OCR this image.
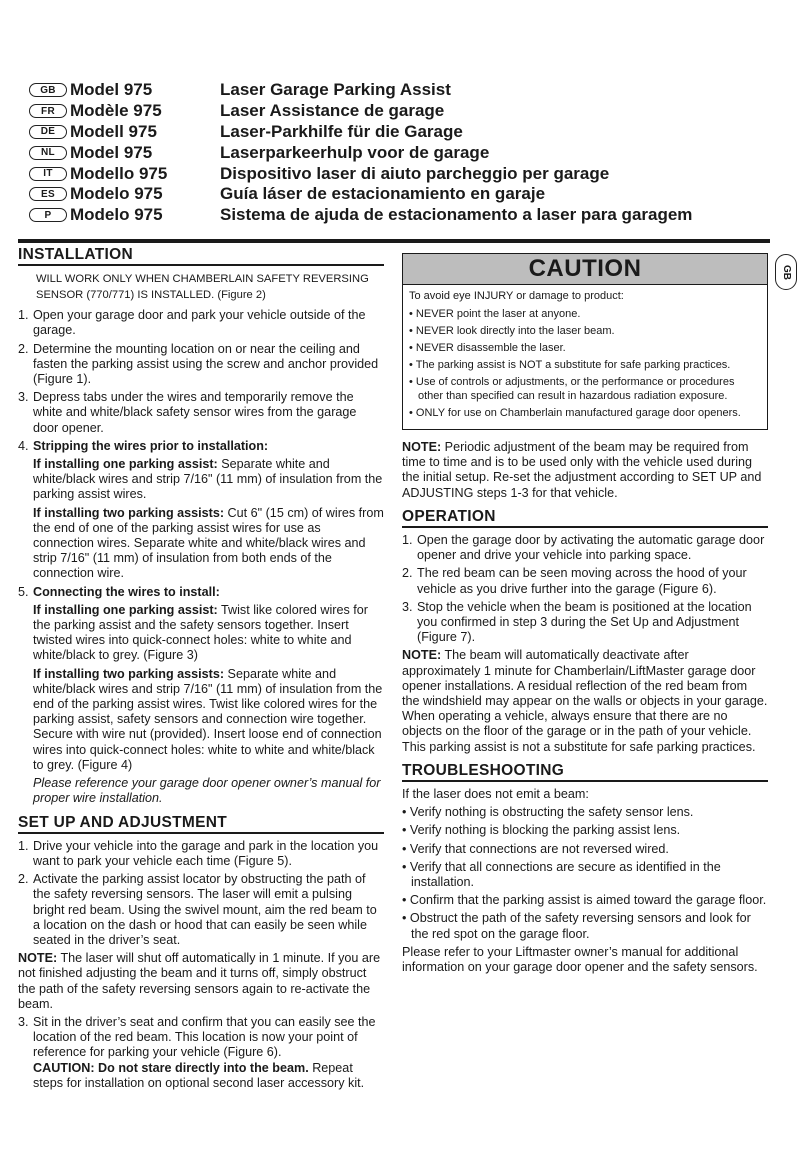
GB Model 975	Laser Garage Parking Assist
FR Modèle 975	Laser Assistance de garage
DE Modell 975	Laser-Parkhilfe für die Garage
NL Model 975	Laserparkeerhulp voor de garage
IT	Modello 975	Dispositivo laser di aiuto parcheggio per garage
ES Modelo 975	Guía láser de estacionamiento en garaje
P	Modelo 975	Sistema de ajuda de estacionamento a laser para garagem
GB
INSTALLATION
WILL WORK ONLY WHEN CHAMBERLAIN SAFETY REVERSING SENSOR (770/771) IS INSTALLED. (Figure 2)
1. Open your garage door and park your vehicle outside of the garage.
2. Determine the mounting location on or near the ceiling and fasten the parking assist using the screw and anchor provided (Figure 1).
3. Depress tabs under the wires and temporarily remove the white and white/black safety sensor wires from the garage door opener.
4. Stripping the wires prior to installation:
If installing one parking assist: Separate white and white/black wires and strip 7/16" (11 mm) of insulation from the parking assist wires.
If installing two parking assists: Cut 6" (15 cm) of wires from the end of one of the parking assist wires for use as connection wires. Separate white and white/black wires and strip 7/16" (11 mm) of insulation from both ends of the connection wire.
5. Connecting the wires to install:
If installing one parking assist: Twist like colored wires for the parking assist and the safety sensors together. Insert twisted wires into quick-connect holes: white to white and white/black to grey. (Figure 3)
If installing two parking assists: Separate white and white/black wires and strip 7/16" (11 mm) of insulation from the end of the parking assist wires. Twist like colored wires for the parking assist, safety sensors and connection wire together. Secure with wire nut (provided). Insert loose end of connection wires into quick-connect holes: white to white and white/black to grey. (Figure 4)
Please reference your garage door opener owner’s manual for proper wire installation.
SET UP AND ADJUSTMENT
1. Drive your vehicle into the garage and park in the location you want to park your vehicle each time (Figure 5).
2. Activate the parking assist locator by obstructing the path of the safety reversing sensors. The laser will emit a pulsing bright red beam. Using the swivel mount, aim the red beam to a location on the dash or hood that can easily be seen while seated in the driver’s seat.
NOTE: The laser will shut off automatically in 1 minute. If you are not finished adjusting the beam and it turns off, simply obstruct the path of the safety reversing sensors again to re-activate the beam.
3. Sit in the driver’s seat and confirm that you can easily see the location of the red beam. This location is now your point of reference for parking your vehicle (Figure 6).
CAUTION: Do not stare directly into the beam. Repeat steps for installation on optional second laser accessory kit.
CAUTION
To avoid eye INJURY or damage to product:
• NEVER point the laser at anyone.
• NEVER look directly into the laser beam.
• NEVER disassemble the laser.
• The parking assist is NOT a substitute for safe parking practices.
• Use of controls or adjustments, or the performance or procedures other than specified can result in hazardous radiation exposure.
• ONLY for use on Chamberlain manufactured garage door openers.
NOTE: Periodic adjustment of the beam may be required from time to time and is to be used only with the vehicle used during the initial setup. Re-set the adjustment according to SET UP and ADJUSTING steps 1-3 for that vehicle.
OPERATION
1. Open the garage door by activating the automatic garage door opener and drive your vehicle into parking space.
2. The red beam can be seen moving across the hood of your vehicle as you drive further into the garage (Figure 6).
3. Stop the vehicle when the beam is positioned at the location you confirmed in step 3 during the Set Up and Adjustment (Figure 7).
NOTE: The beam will automatically deactivate after approximately 1 minute for Chamberlain/LiftMaster garage door opener installations. A residual reflection of the red beam from the windshield may appear on the walls or objects in your garage. When operating a vehicle, always ensure that there are no objects on the floor of the garage or in the path of your vehicle. This parking assist is not a substitute for safe parking practices.
TROUBLESHOOTING
If the laser does not emit a beam:
• Verify nothing is obstructing the safety sensor lens.
• Verify nothing is blocking the parking assist lens.
• Verify that connections are not reversed wired.
• Verify that all connections are secure as identified in the installation.
• Confirm that the parking assist is aimed toward the garage floor.
• Obstruct the path of the safety reversing sensors and look for the red spot on the garage floor.
Please refer to your Liftmaster owner’s manual for additional information on your garage door opener and the safety sensors.
